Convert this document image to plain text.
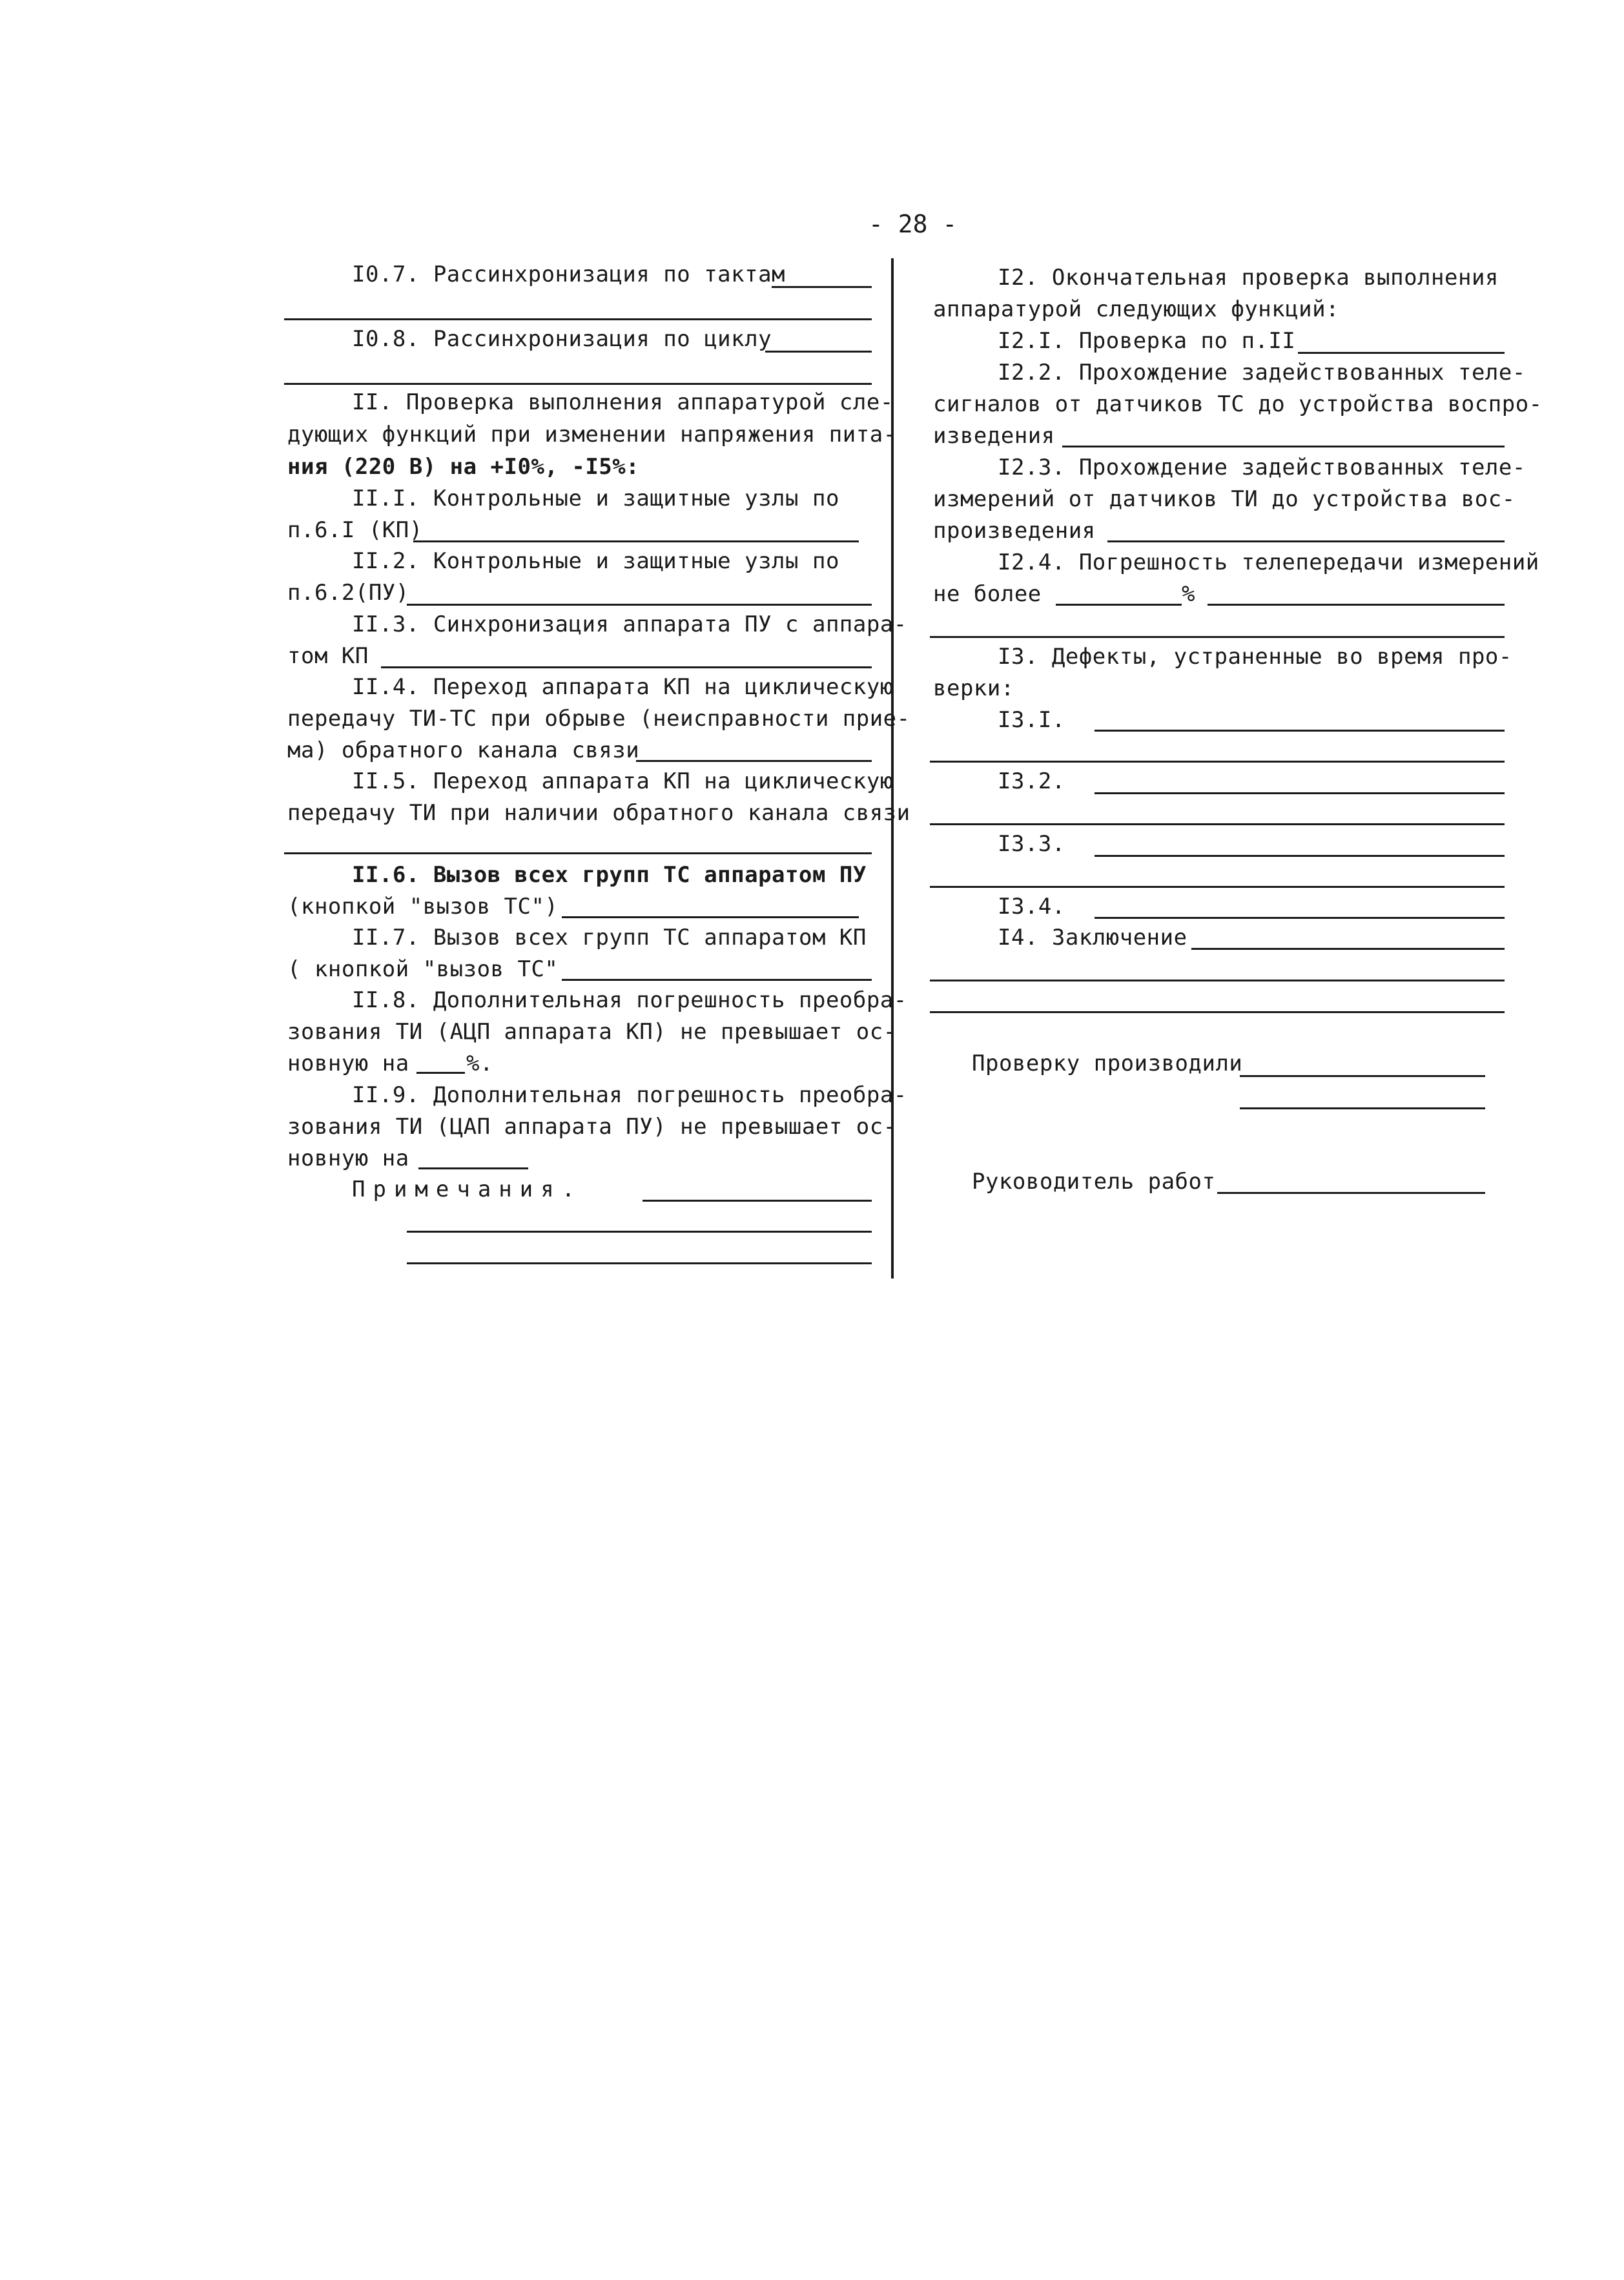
- 28 -
I0.7. Рассинхронизация по тактам
I0.8. Рассинхронизация по циклу
II. Проверка выполнения аппаратурой сле-
дующих функций при изменении напряжения пита-
ния (220 В) на +I0%, -I5%:
II.I. Контрольные и защитные узлы по
п.6.I (КП)
II.2. Контрольные и защитные узлы по
п.6.2(ПУ)
II.3. Синхронизация аппарата ПУ с аппара-
том КП
II.4. Переход аппарата КП на циклическую
передачу ТИ-ТС при обрыве (неисправности прие-
ма) обратного канала связи
II.5. Переход аппарата КП на циклическую
передачу ТИ при наличии обратного канала связи
II.6. Вызов всех групп ТС аппаратом ПУ
(кнопкой "вызов ТС")
II.7. Вызов всех групп ТС аппаратом КП
( кнопкой "вызов ТС"
II.8. Дополнительная погрешность преобра-
зования ТИ (АЦП аппарата КП) не превышает ос-
новную на	%.
II.9. Дополнительная погрешность преобра-
зования ТИ (ЦАП аппарата ПУ) не превышает ос-
новную на
Примечания.
I2. Окончательная проверка выполнения
аппаратурой следующих функций:
I2.I. Проверка по п.II
I2.2. Прохождение задействованных теле-
сигналов от датчиков ТС до устройства воспро-
изведения
I2.3. Прохождение задействованных теле-
измерений от датчиков ТИ до устройства вос-
произведения
I2.4. Погрешность телепередачи измерений
не более	%
I3. Дефекты, устраненные во время про-
верки:
I3.I.
I3.2.
I3.3.
I3.4.
I4. Заключение
Проверку производили
Руководитель работ
